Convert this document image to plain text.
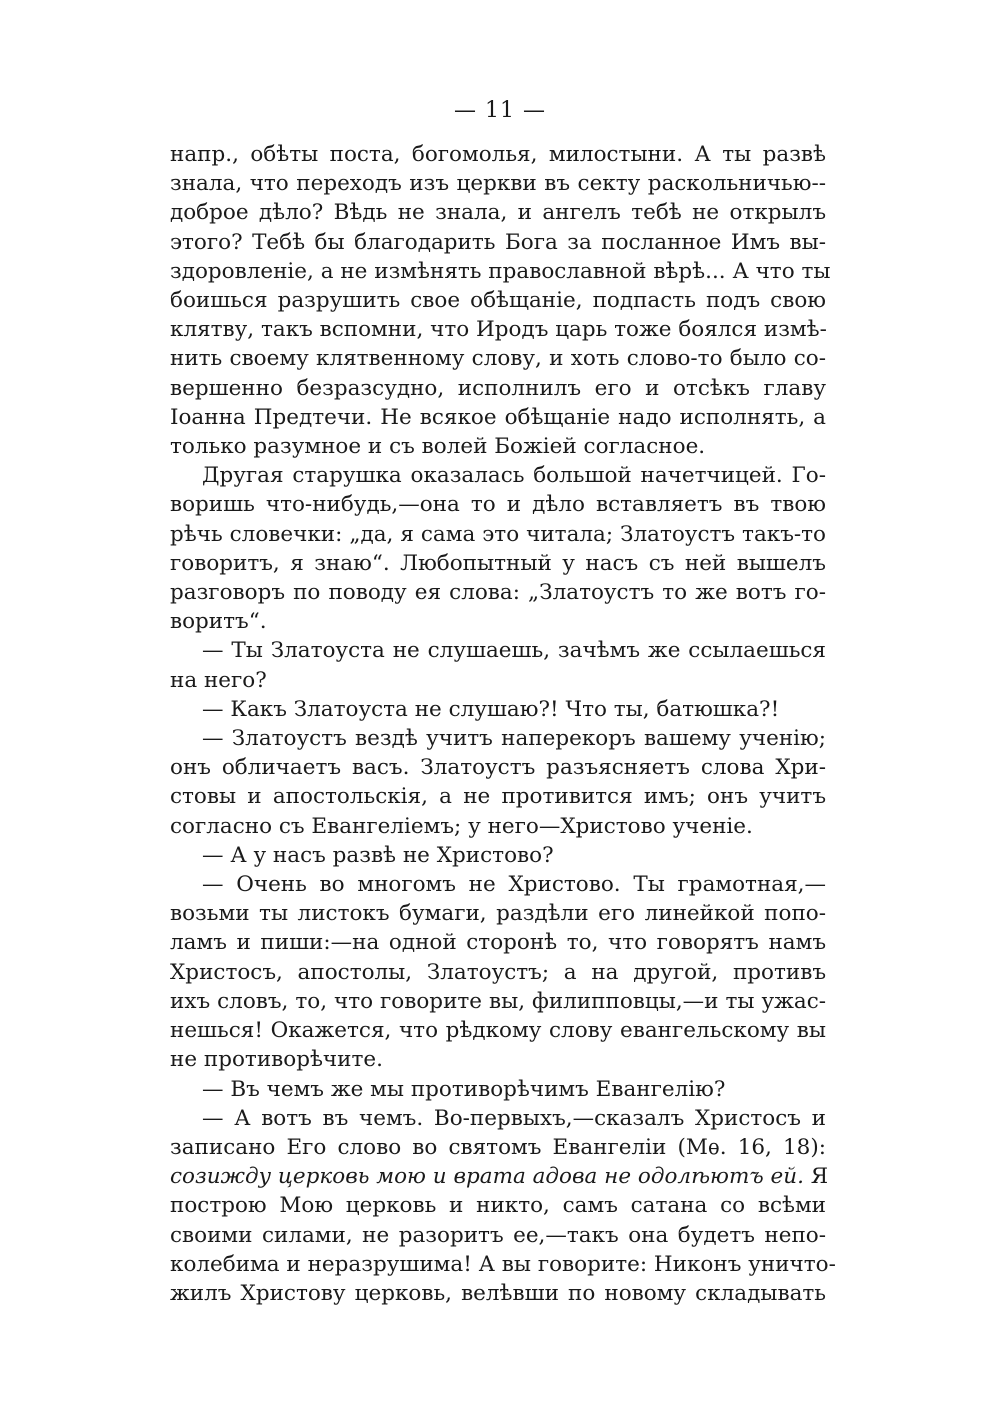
— 11 —
напр., обѣты поста, богомолья, милостыни. А ты развѣ
знала, что переходъ изъ церкви въ секту раскольничью--
доброе дѣло? Вѣдь не знала, и ангелъ тебѣ не открылъ
этого? Тебѣ бы благодарить Бога за посланное Имъ вы-
здоровленіе, а не измѣнять православной вѣрѣ... А что ты
боишься разрушить свое обѣщаніе, подпасть подъ свою
клятву, такъ вспомни, что Иродъ царь тоже боялся измѣ-
нить своему клятвенному слову, и хоть слово-то было со-
вершенно безразсудно, исполнилъ его и отсѣкъ главу
Іоанна Предтечи. Не всякое обѣщаніе надо исполнять, а
только разумное и съ волей Божіей согласное.
Другая старушка оказалась большой начетчицей. Го-
воришь что-нибудь,—она то и дѣло вставляетъ въ твою
рѣчь словечки: „да, я сама это читала; Златоустъ такъ-то
говоритъ, я знаю“. Любопытный у насъ съ ней вышелъ
разговоръ по поводу ея слова: „Златоустъ то же вотъ го-
воритъ“.
— Ты Златоуста не слушаешь, зачѣмъ же ссылаешься
на него?
— Какъ Златоуста не слушаю?! Что ты, батюшка?!
— Златоустъ вездѣ учитъ наперекоръ вашему ученію;
онъ обличаетъ васъ. Златоустъ разъясняетъ слова Хри-
стовы и апостольскія, а не противится имъ; онъ учитъ
согласно съ Евангеліемъ; у него—Христово ученіе.
— А у насъ развѣ не Христово?
— Очень во многомъ не Христово. Ты грамотная,—
возьми ты листокъ бумаги, раздѣли его линейкой попо-
ламъ и пиши:—на одной сторонѣ то, что говорятъ намъ
Христосъ, апостолы, Златоустъ; а на другой, противъ
ихъ словъ, то, что говорите вы, филипповцы,—и ты ужас-
нешься! Окажется, что рѣдкому слову евангельскому вы
не противорѣчите.
— Въ чемъ же мы противорѣчимъ Евангелію?
— А вотъ въ чемъ. Во-первыхъ,—сказалъ Христосъ и
записано Его слово во святомъ Евангеліи (Мѳ. 16, 18):
созижду церковь мою и врата адова не одолѣютъ ей. Я
построю Мою церковь и никто, самъ сатана со всѣми
своими силами, не разоритъ ее,—такъ она будетъ непо-
колебима и неразрушима! А вы говорите: Никонъ уничто-
жилъ Христову церковь, велѣвши по новому складывать
